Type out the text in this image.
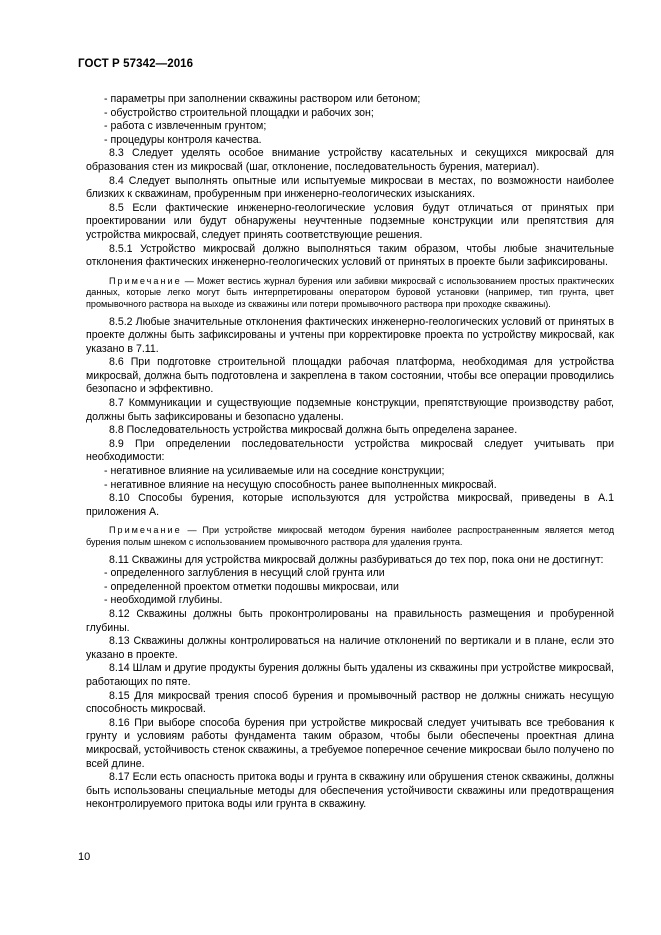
ГОСТ Р 57342—2016

- параметры при заполнении скважины раствором или бетоном;

- обустройство строительной площадки и рабочих зон;

- работа с извлеченным грунтом;

- процедуры контроля качества.

8.3 Следует уделять особое внимание устройству касательных и секущихся микросвай для образования стен из микросвай (шаг, отклонение, последовательность бурения, материал).

8.4 Следует выполнять опытные или испытуемые микросваи в местах, по возможности наиболее близких к скважинам, пробуренным при инженерно-геологических изысканиях.

8.5 Если фактические инженерно-геологические условия будут отличаться от принятых при проектировании или будут обнаружены неучтенные подземные конструкции или препятствия для устройства микросвай, следует принять соответствующие решения.

8.5.1 Устройство микросвай должно выполняться таким образом, чтобы любые значительные отклонения фактических инженерно-геологических условий от принятых в проекте были зафиксированы.

Примечание — Может вестись журнал бурения или забивки микросвай с использованием простых практических данных, которые легко могут быть интерпретированы оператором буровой установки (например, тип грунта, цвет промывочного раствора на выходе из скважины или потери промывочного раствора при проходке скважины).

8.5.2 Любые значительные отклонения фактических инженерно-геологических условий от принятых в проекте должны быть зафиксированы и учтены при корректировке проекта по устройству микросвай, как указано в 7.11.

8.6 При подготовке строительной площадки рабочая платформа, необходимая для устройства микросвай, должна быть подготовлена и закреплена в таком состоянии, чтобы все операции проводились безопасно и эффективно.

8.7 Коммуникации и существующие подземные конструкции, препятствующие производству работ, должны быть зафиксированы и безопасно удалены.

8.8 Последовательность устройства микросвай должна быть определена заранее.

8.9 При определении последовательности устройства микросвай следует учитывать при необходимости:

- негативное влияние на усиливаемые или на соседние конструкции;

- негативное влияние на несущую способность ранее выполненных микросвай.

8.10 Способы бурения, которые используются для устройства микросвай, приведены в А.1 приложения А.

Примечание — При устройстве микросвай методом бурения наиболее распространенным является метод бурения полым шнеком с использованием промывочного раствора для удаления грунта.

8.11 Скважины для устройства микросвай должны разбуриваться до тех пор, пока они не достигнут:

- определенного заглубления в несущий слой грунта или

- определенной проектом отметки подошвы микросваи, или

- необходимой глубины.

8.12 Скважины должны быть проконтролированы на правильность размещения и пробуренной глубины.

8.13 Скважины должны контролироваться на наличие отклонений по вертикали и в плане, если это указано в проекте.

8.14 Шлам и другие продукты бурения должны быть удалены из скважины при устройстве микросвай, работающих по пяте.

8.15 Для микросвай трения способ бурения и промывочный раствор не должны снижать несущую способность микросвай.

8.16 При выборе способа бурения при устройстве микросвай следует учитывать все требования к грунту и условиям работы фундамента таким образом, чтобы были обеспечены проектная длина микросвай, устойчивость стенок скважины, а требуемое поперечное сечение микросваи было получено по всей длине.

8.17 Если есть опасность притока воды и грунта в скважину или обрушения стенок скважины, должны быть использованы специальные методы для обеспечения устойчивости скважины или предотвращения неконтролируемого притока воды или грунта в скважину.

10
